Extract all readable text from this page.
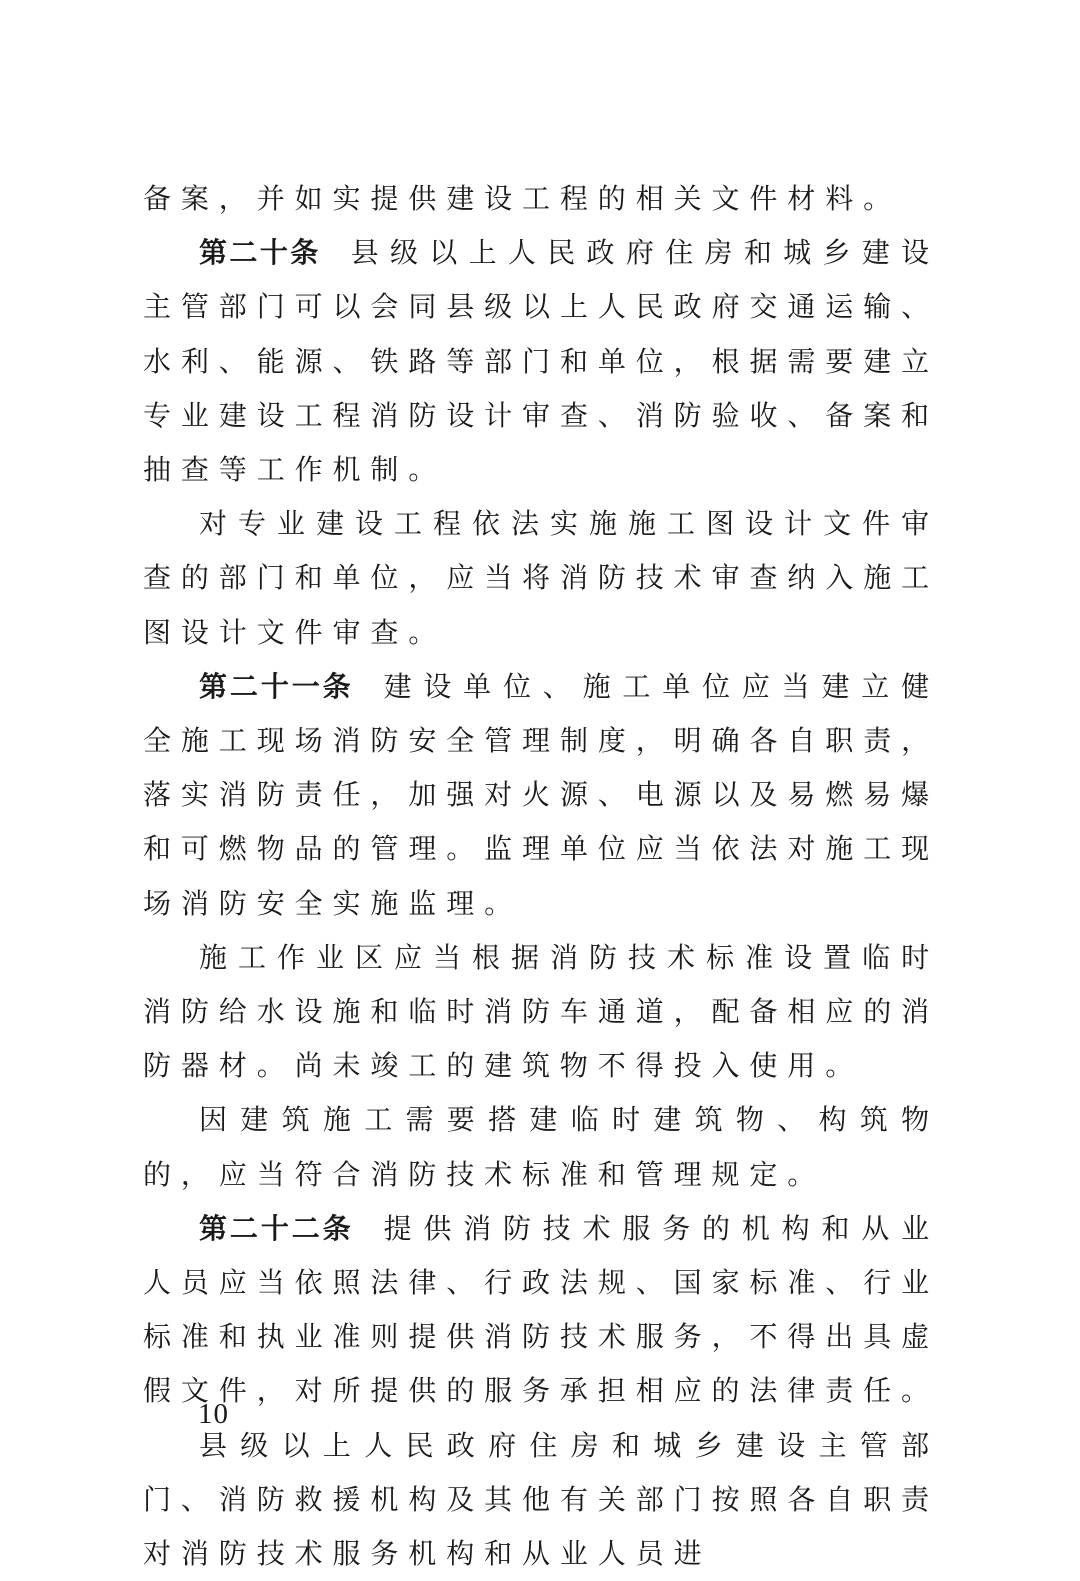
备案，并如实提供建设工程的相关文件材料。

第二十条 县级以上人民政府住房和城乡建设主管部门可以会同县级以上人民政府交通运输、水利、能源、铁路等部门和单位，根据需要建立专业建设工程消防设计审查、消防验收、备案和抽查等工作机制。

对专业建设工程依法实施施工图设计文件审查的部门和单位，应当将消防技术审查纳入施工图设计文件审查。

第二十一条 建设单位、施工单位应当建立健全施工现场消防安全管理制度，明确各自职责，落实消防责任，加强对火源、电源以及易燃易爆和可燃物品的管理。监理单位应当依法对施工现场消防安全实施监理。

施工作业区应当根据消防技术标准设置临时消防给水设施和临时消防车通道，配备相应的消防器材。尚未竣工的建筑物不得投入使用。

因建筑施工需要搭建临时建筑物、构筑物的，应当符合消防技术标准和管理规定。

第二十二条 提供消防技术服务的机构和从业人员应当依照法律、行政法规、国家标准、行业标准和执业准则提供消防技术服务，不得出具虚假文件，对所提供的服务承担相应的法律责任。

县级以上人民政府住房和城乡建设主管部门、消防救援机构及其他有关部门按照各自职责对消防技术服务机构和从业人员进

10
